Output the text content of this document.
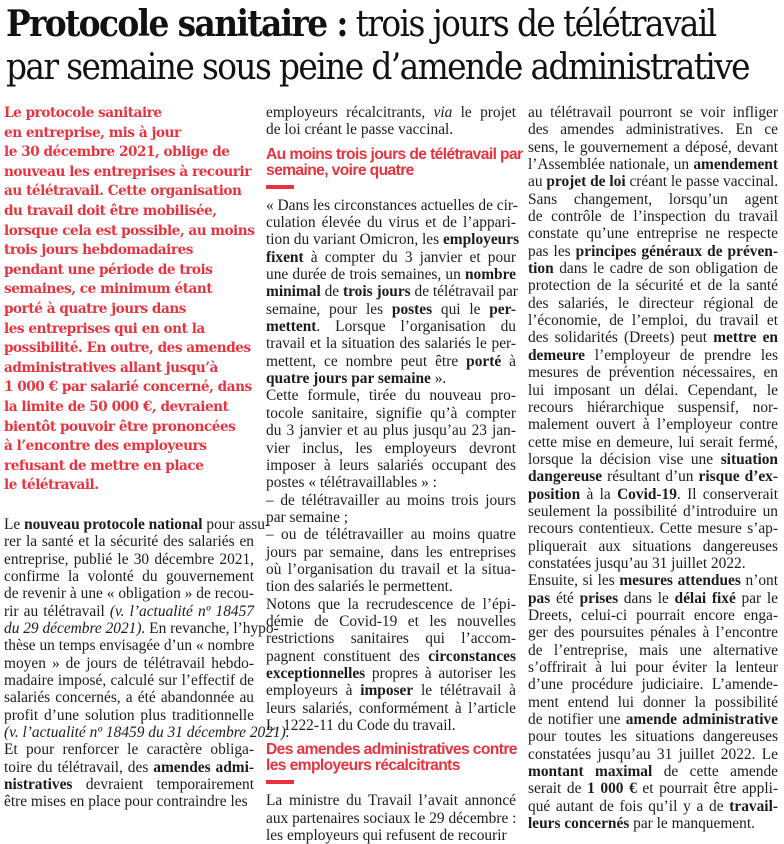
Protocole sanitaire : trois jours de télétravail
par semaine sous peine d’amende administrative
Le protocole sanitaire
en entreprise, mis à jour
le 30 décembre 2021, oblige de
nouveau les entreprises à recourir
au télétravail. Cette organisation
du travail doit être mobilisée,
lorsque cela est possible, au moins
trois jours hebdomadaires
pendant une période de trois
semaines, ce minimum étant
porté à quatre jours dans
les entreprises qui en ont la
possibilité. En outre, des amendes
administratives allant jusqu’à
1 000 € par salarié concerné, dans
la limite de 50 000 €, devraient
bientôt pouvoir être prononcées
à l’encontre des employeurs
refusant de mettre en place
le télétravail.
Le nouveau protocole national pour assu-
rer la santé et la sécurité des salariés en
entreprise, publié le 30 décembre 2021,
confirme la volonté du gouvernement
de revenir à une « obligation » de recou-
rir au télétravail (v. l’actualité nº 18457
du 29 décembre 2021). En revanche, l’hypo-
thèse un temps envisagée d’un « nombre
moyen » de jours de télétravail hebdo-
madaire imposé, calculé sur l’effectif de
salariés concernés, a été abandonnée au
profit d’une solution plus traditionnelle
(v. l’actualité nº 18459 du 31 décembre 2021).
Et pour renforcer le caractère obliga-
toire du télétravail, des amendes admi-
nistratives devraient temporairement
être mises en place pour contraindre les
employeurs récalcitrants, via le projet
de loi créant le passe vaccinal.
Au moins trois jours de télétravail par
semaine, voire quatre
« Dans les circonstances actuelles de cir-
culation élevée du virus et de l’appari-
tion du variant Omicron, les employeurs
fixent à compter du 3 janvier et pour
une durée de trois semaines, un nombre
minimal de trois jours de télétravail par
semaine, pour les postes qui le per-
mettent. Lorsque l’organisation du
travail et la situation des salariés le per-
mettent, ce nombre peut être porté à
quatre jours par semaine ».
Cette formule, tirée du nouveau pro-
tocole sanitaire, signifie qu’à compter
du 3 janvier et au plus jusqu’au 23 jan-
vier inclus, les employeurs devront
imposer à leurs salariés occupant des
postes « télétravaillables » :
– de télétravailler au moins trois jours
par semaine ;
– ou de télétravailler au moins quatre
jours par semaine, dans les entreprises
où l’organisation du travail et la situa-
tion des salariés le permettent.
Notons que la recrudescence de l’épi-
démie de Covid-19 et les nouvelles
restrictions sanitaires qui l’accom-
pagnent constituent des circonstances
exceptionnelles propres à autoriser les
employeurs à imposer le télétravail à
leurs salariés, conformément à l’article
L. 1222-11 du Code du travail.
Des amendes administratives contre
les employeurs récalcitrants
La ministre du Travail l’avait annoncé
aux partenaires sociaux le 29 décembre :
les employeurs qui refusent de recourir
au télétravail pourront se voir infliger
des amendes administratives. En ce
sens, le gouvernement a déposé, devant
l’Assemblée nationale, un amendement
au projet de loi créant le passe vaccinal.
Sans changement, lorsqu’un agent
de contrôle de l’inspection du travail
constate qu’une entreprise ne respecte
pas les principes généraux de préven-
tion dans le cadre de son obligation de
protection de la sécurité et de la santé
des salariés, le directeur régional de
l’économie, de l’emploi, du travail et
des solidarités (Dreets) peut mettre en
demeure l’employeur de prendre les
mesures de prévention nécessaires, en
lui imposant un délai. Cependant, le
recours hiérarchique suspensif, nor-
malement ouvert à l’employeur contre
cette mise en demeure, lui serait fermé,
lorsque la décision vise une situation
dangereuse résultant d’un risque d’ex-
position à la Covid-19. Il conserverait
seulement la possibilité d’introduire un
recours contentieux. Cette mesure s’ap-
pliquerait aux situations dangereuses
constatées jusqu’au 31 juillet 2022.
Ensuite, si les mesures attendues n’ont
pas été prises dans le délai fixé par le
Dreets, celui-ci pourrait encore enga-
ger des poursuites pénales à l’encontre
de l’entreprise, mais une alternative
s’offrirait à lui pour éviter la lenteur
d’une procédure judiciaire. L’amende-
ment entend lui donner la possibilité
de notifier une amende administrative
pour toutes les situations dangereuses
constatées jusqu’au 31 juillet 2022. Le
montant maximal de cette amende
serait de 1 000 € et pourrait être appli-
qué autant de fois qu’il y a de travail-
leurs concernés par le manquement.
